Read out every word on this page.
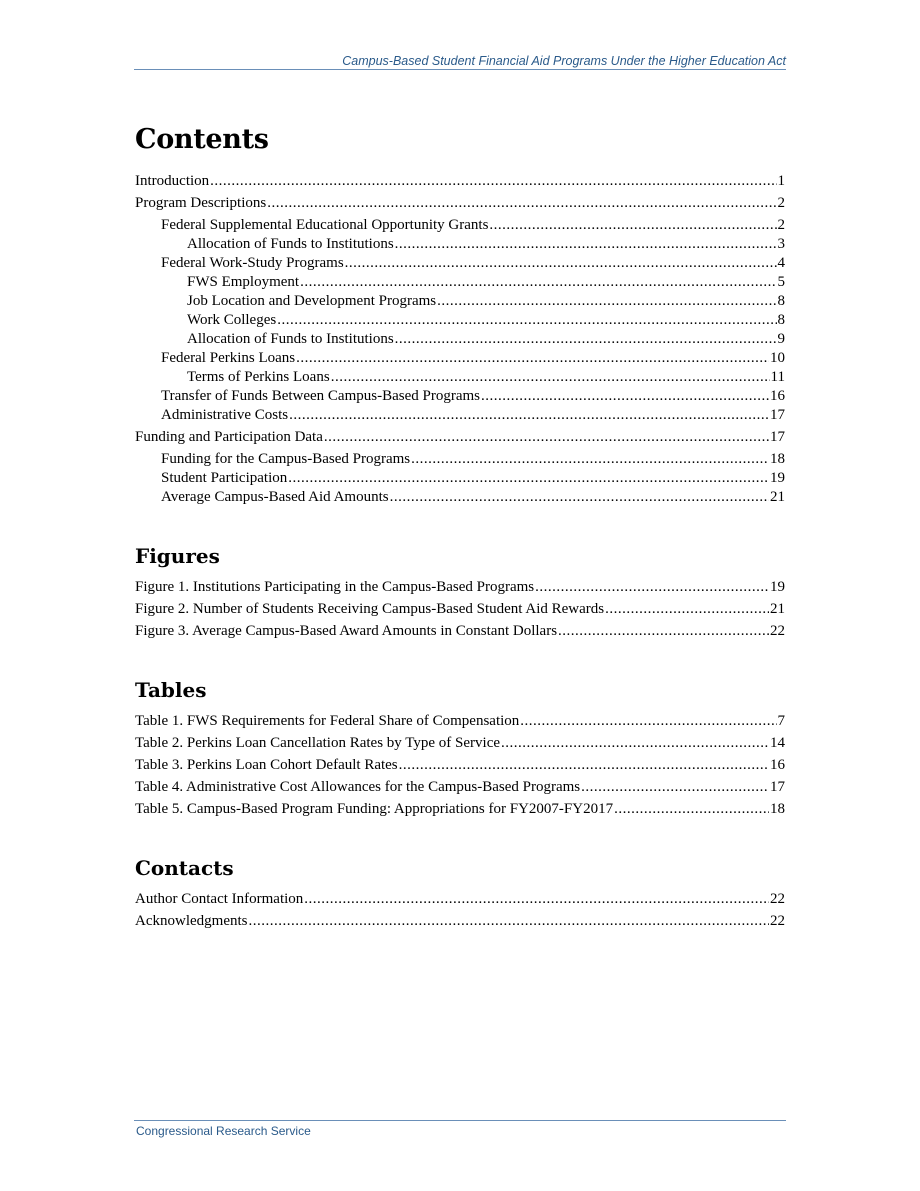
Campus-Based Student Financial Aid Programs Under the Higher Education Act
Contents
Introduction .....	1
Program Descriptions .....	2
Federal Supplemental Educational Opportunity Grants .....	2
Allocation of Funds to Institutions .....	3
Federal Work-Study Programs .....	4
FWS Employment .....	5
Job Location and Development Programs .....	8
Work Colleges .....	8
Allocation of Funds to Institutions .....	9
Federal Perkins Loans .....	10
Terms of Perkins Loans .....	11
Transfer of Funds Between Campus-Based Programs .....	16
Administrative Costs .....	17
Funding and Participation Data .....	17
Funding for the Campus-Based Programs .....	18
Student Participation .....	19
Average Campus-Based Aid Amounts .....	21
Figures
Figure 1. Institutions Participating in the Campus-Based Programs .....	19
Figure 2. Number of Students Receiving Campus-Based Student Aid Rewards .....	21
Figure 3. Average Campus-Based Award Amounts in Constant Dollars .....	22
Tables
Table 1. FWS Requirements for Federal Share of Compensation .....	7
Table 2. Perkins Loan Cancellation Rates by Type of Service .....	14
Table 3. Perkins Loan Cohort Default Rates .....	16
Table 4. Administrative Cost Allowances for the Campus-Based Programs .....	17
Table 5. Campus-Based Program Funding: Appropriations for FY2007-FY2017 .....	18
Contacts
Author Contact Information .....	22
Acknowledgments .....	22
Congressional Research Service
